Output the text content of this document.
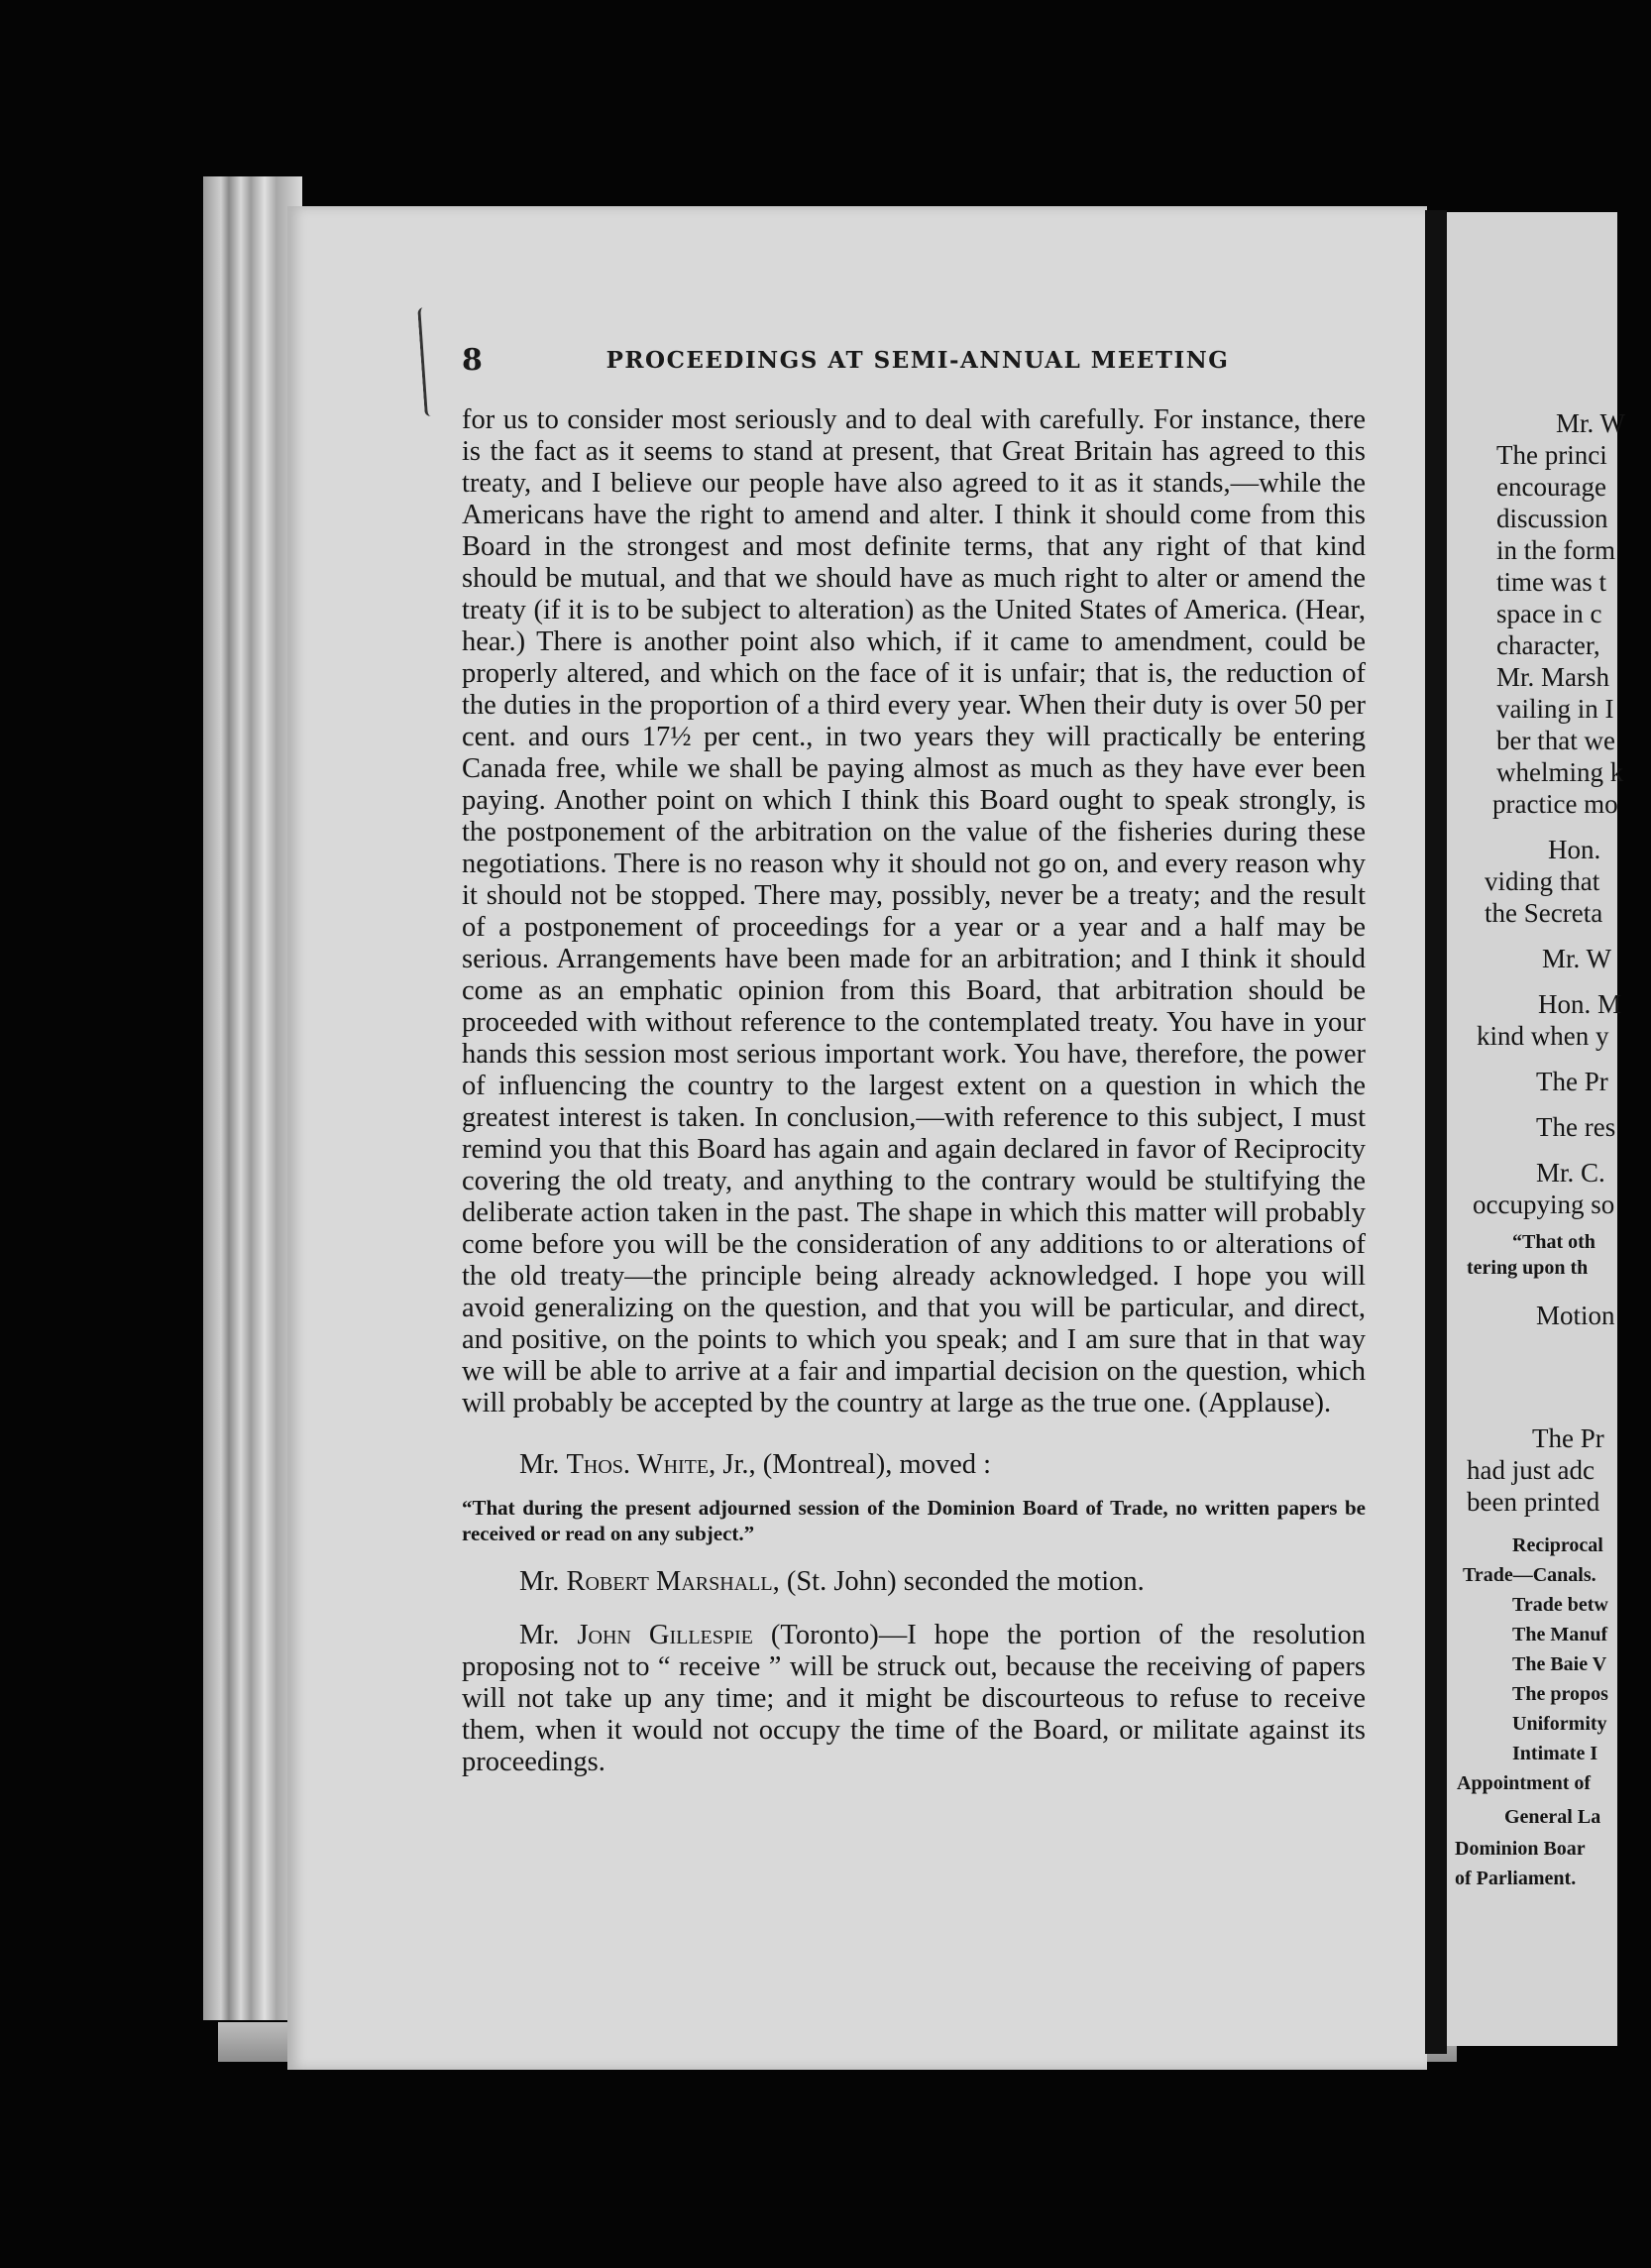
8	PROCEEDINGS AT SEMI-ANNUAL MEETING

for us to consider most seriously and to deal with carefully. For instance, there is the fact as it seems to stand at present, that Great Britain has agreed to this treaty, and I believe our people have also agreed to it as it stands,—while the Americans have the right to amend and alter. I think it should come from this Board in the strongest and most definite terms, that any right of that kind should be mutual, and that we should have as much right to alter or amend the treaty (if it is to be subject to alteration) as the United States of America. (Hear, hear.) There is another point also which, if it came to amendment, could be properly altered, and which on the face of it is unfair; that is, the reduction of the duties in the proportion of a third every year. When their duty is over 50 per cent. and ours 17½ per cent., in two years they will practically be entering Canada free, while we shall be paying almost as much as they have ever been paying. Another point on which I think this Board ought to speak strongly, is the postponement of the arbitration on the value of the fisheries during these negotiations. There is no reason why it should not go on, and every reason why it should not be stopped. There may, possibly, never be a treaty; and the result of a postponement of proceedings for a year or a year and a half may be serious. Arrangements have been made for an arbitration; and I think it should come as an emphatic opinion from this Board, that arbitration should be proceeded with without reference to the contemplated treaty. You have in your hands this session most serious important work. You have, therefore, the power of influencing the country to the largest extent on a question in which the greatest interest is taken. In conclusion,—with reference to this subject, I must remind you that this Board has again and again declared in favor of Reciprocity covering the old treaty, and anything to the contrary would be stultifying the deliberate action taken in the past. The shape in which this matter will probably come before you will be the consideration of any additions to or alterations of the old treaty—the principle being already acknowledged. I hope you will avoid generalizing on the question, and that you will be particular, and direct, and positive, on the points to which you speak; and I am sure that in that way we will be able to arrive at a fair and impartial decision on the question, which will probably be accepted by the country at large as the true one. (Applause).

Mr. Thos. White, Jr., (Montreal), moved :

“That during the present adjourned session of the Dominion Board of Trade, no written papers be received or read on any subject.”

Mr. Robert Marshall, (St. John) seconded the motion.

Mr. John Gillespie (Toronto)—I hope the portion of the resolution proposing not to “ receive ” will be struck out, because the receiving of papers will not take up any time; and it might be discourteous to refuse to receive them, when it would not occupy the time of the Board, or militate against its proceedings.

Mr. W
The princi
encourage
discussion
in the form
time was t
space in c
character,
Mr. Marsh
vailing in I
ber that we
whelming k
practice mo
Hon.
viding that
the Secreta
Mr. W
Hon. M
kind when y
The Pr
The res
Mr. C.
occupying so
“That oth
tering upon th
Motion
The Pr
had just adc
been printed
Reciprocal
Trade—Canals.
Trade betw
The Manuf
The Baie V
The propos
Uniformity
Intimate I
Appointment of
General La
Dominion Boar
of Parliament.
